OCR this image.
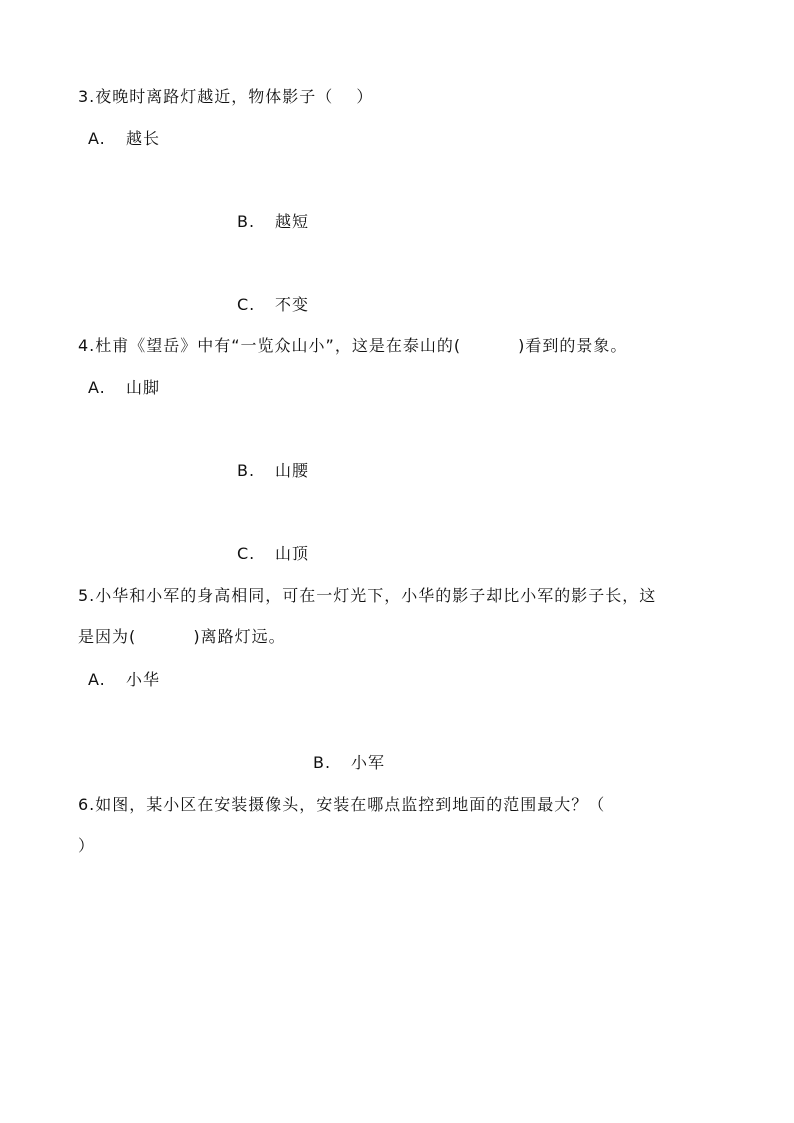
3.夜晚时离路灯越近，物体影子（　 ）
A.	越长
B.	越短
C.	不变
4.杜甫《望岳》中有“一览众山小”，这是在泰山的(　　　 )看到的景象。
A.	山脚
B.	山腰
C.	山顶
5.小华和小军的身高相同，可在一灯光下，小华的影子却比小军的影子长，这
是因为(　　　 )离路灯远。
A.	小华
B.	小军
6.如图，某小区在安装摄像头，安装在哪点监控到地面的范围最大？（
）
